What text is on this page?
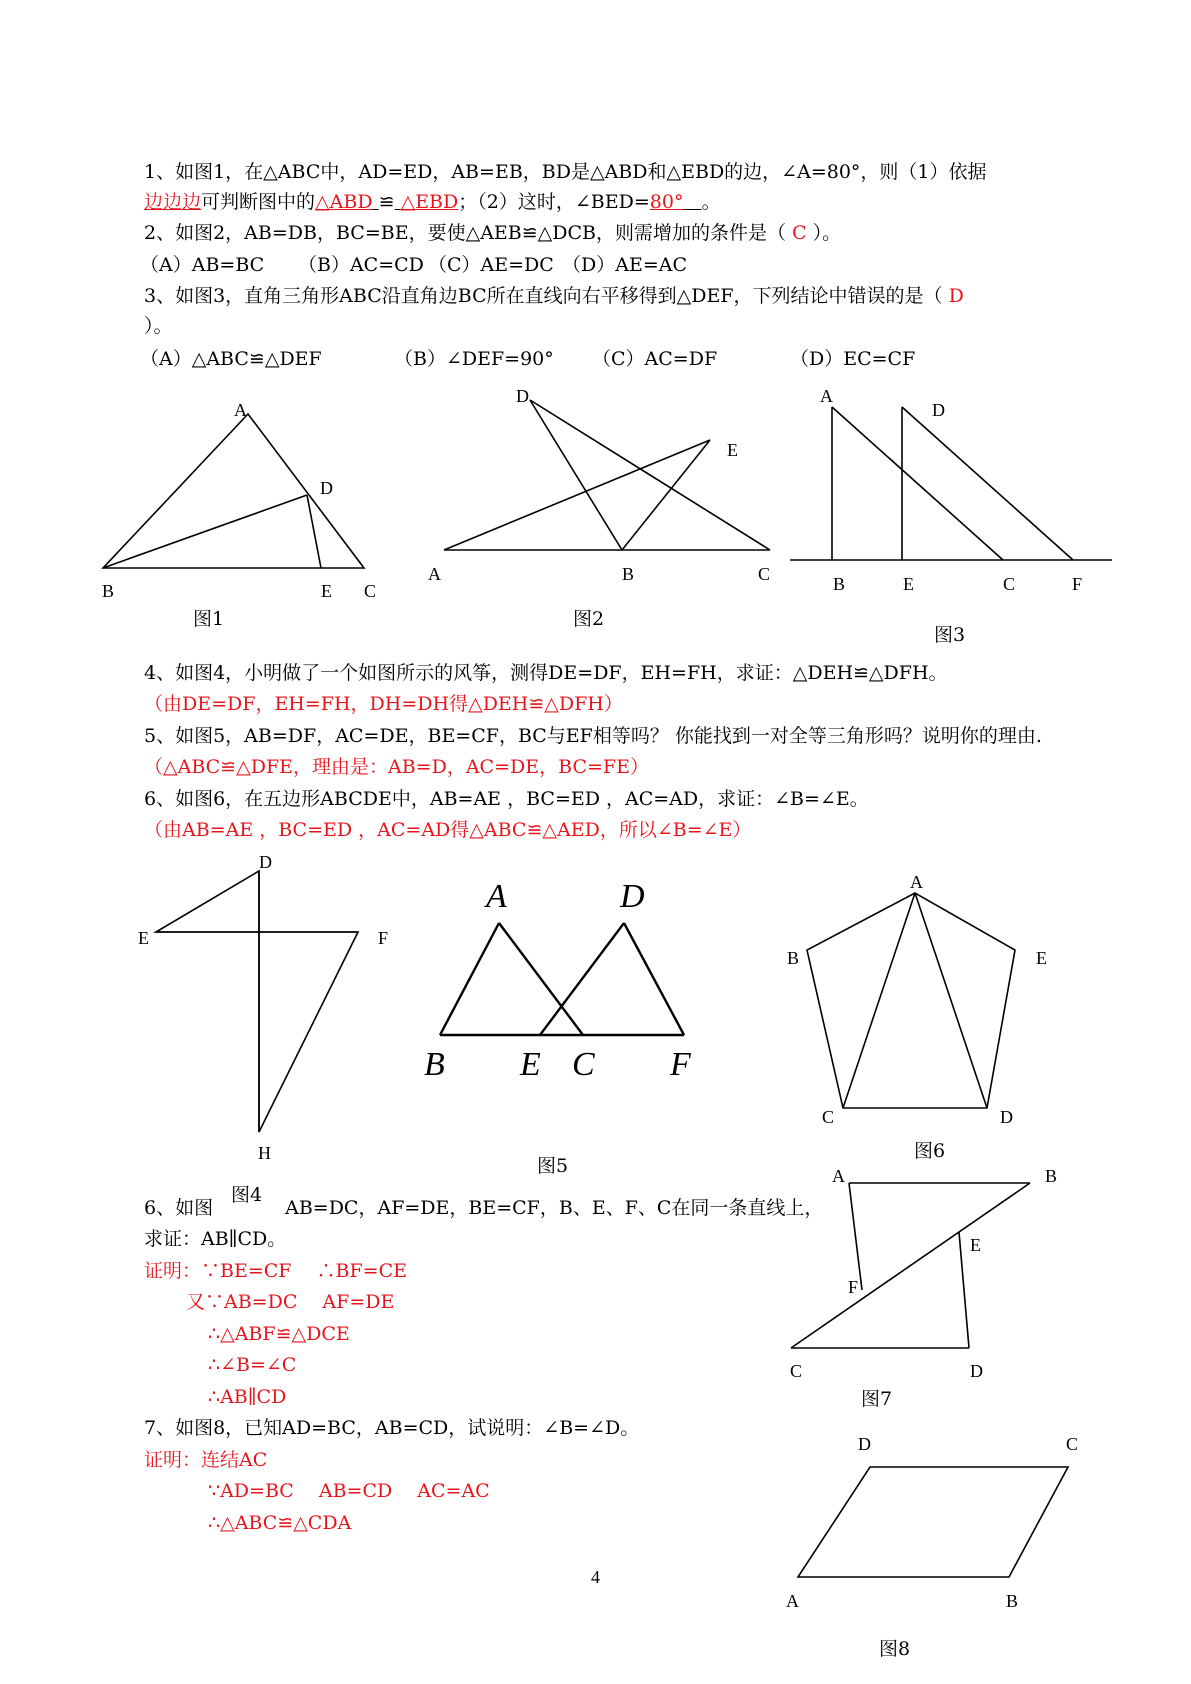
1、如图1，在△ABC中，AD=ED，AB=EB，BD是△ABD和△EBD的边，∠A=80°，则（1）依据
边边边可判断图中的△ABD ≌ △EBD；（2）这时，∠BED=80° 。
2、如图2，AB=DB，BC=BE，要使△AEB≌△DCB，则需增加的条件是（ C ）。
（A）AB=BC （B）AC=CD （C）AE=DC （D）AE=AC
3、如图3，直角三角形ABC沿直角边BC所在直线向右平移得到△DEF，下列结论中错误的是（ D
）。
（A）△ABC≌△DEF	（B）∠DEF=90° （C）AC=DF	（D）EC=CF
A
D
B	E C
图1
D
E
A	B	C
图2
A
D
B	E	C	F
图3
4、如图4，小明做了一个如图所示的风筝，测得DE=DF，EH=FH，求证：△DEH≌△DFH。
（由DE=DF，EH=FH，DH=DH得△DEH≌△DFH）
5、如图5，AB=DF，AC=DE，BE=CF，BC与EF相等吗？ 你能找到一对全等三角形吗？说明你的理由.
（△ABC≌△DFE，理由是：AB=D，AC=DE，BC=FE）
6、如图6，在五边形ABCDE中，AB=AE ，BC=ED ，AC=AD，求证：∠B=∠E。
（由AB=AE ，BC=ED ，AC=AD得△ABC≌△AED，所以∠B=∠E）
D
E	F
H
图4
A	D
B E C F
图5
A
B	E
C	D
图6
6、如图	AB=DC，AF=DE，BE=CF，B、E、F、C在同一条直线上，
求证：AB∥CD。
证明：∵BE=CF　 ∴BF=CE
又∵AB=DC　 AF=DE
∴△ABF≌△DCE
∴∠B=∠C
∴AB∥CD
A	B
E
F
C	D
图7
7、如图8，已知AD=BC，AB=CD，试说明：∠B=∠D。
证明：连结AC
∵AD=BC　 AB=CD　 AC=AC
∴△ABC≌△CDA
D	C
A	B
图8
4
